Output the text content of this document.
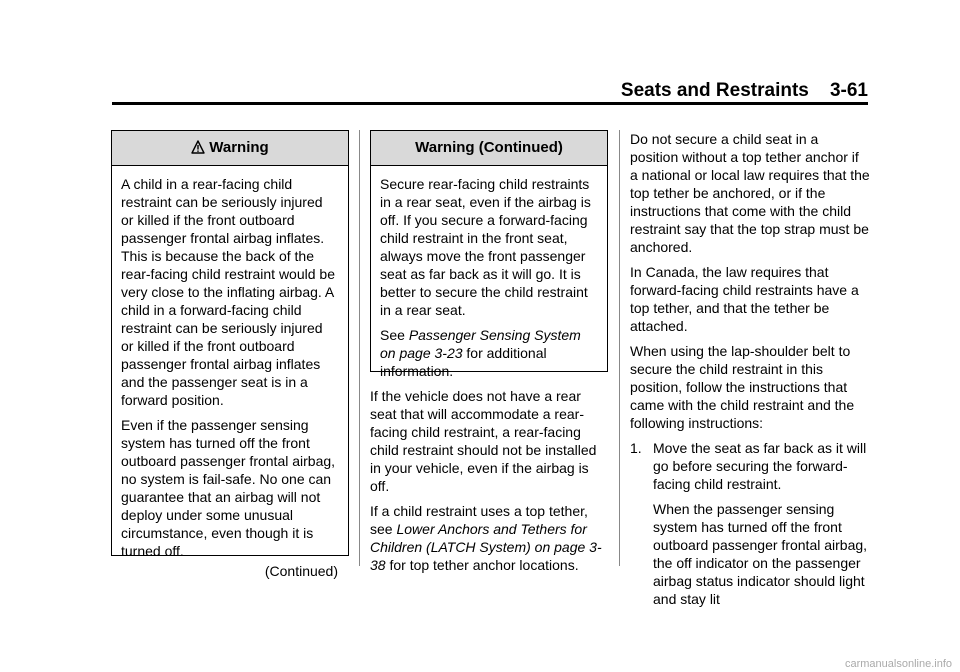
Seats and Restraints    3-61
Warning

A child in a rear-facing child restraint can be seriously injured or killed if the front outboard passenger frontal airbag inflates. This is because the back of the rear-facing child restraint would be very close to the inflating airbag. A child in a forward-facing child restraint can be seriously injured or killed if the front outboard passenger frontal airbag inflates and the passenger seat is in a forward position.

Even if the passenger sensing system has turned off the front outboard passenger frontal airbag, no system is fail-safe. No one can guarantee that an airbag will not deploy under some unusual circumstance, even though it is turned off.

(Continued)
Warning (Continued)

Secure rear-facing child restraints in a rear seat, even if the airbag is off. If you secure a forward-facing child restraint in the front seat, always move the front passenger seat as far back as it will go. It is better to secure the child restraint in a rear seat.

See Passenger Sensing System on page 3-23 for additional information.

If the vehicle does not have a rear seat that will accommodate a rear-facing child restraint, a rear-facing child restraint should not be installed in your vehicle, even if the airbag is off.

If a child restraint uses a top tether, see Lower Anchors and Tethers for Children (LATCH System) on page 3-38 for top tether anchor locations.

Do not secure a child seat in a position without a top tether anchor if a national or local law requires that the top tether be anchored, or if the instructions that come with the child restraint say that the top strap must be anchored.

In Canada, the law requires that forward-facing child restraints have a top tether, and that the tether be attached.

When using the lap-shoulder belt to secure the child restraint in this position, follow the instructions that came with the child restraint and the following instructions:

1. Move the seat as far back as it will go before securing the forward-facing child restraint.

When the passenger sensing system has turned off the front outboard passenger frontal airbag, the off indicator on the passenger airbag status indicator should light and stay lit

carmanualsonline.info
